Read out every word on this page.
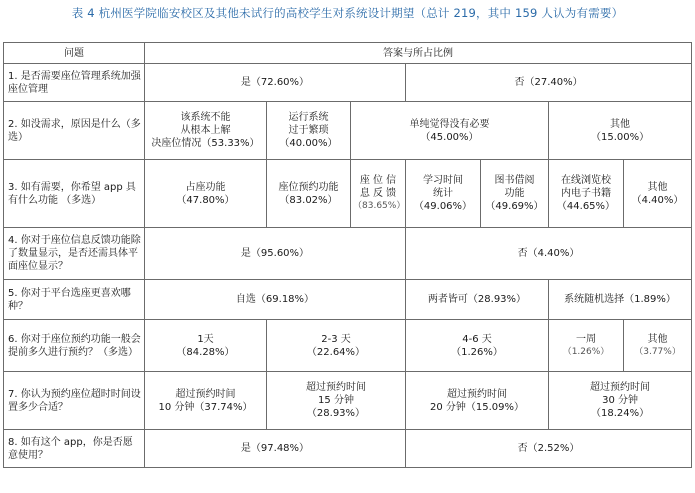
表 4 杭州医学院临安校区及其他未试行的高校学生对系统设计期望（总计 219，其中 159 人认为有需要）
问题	答案与所占比例						
1. 是否需要座位管理系统加强座位管理	是（72.60%）			否（27.40%）			
2. 如没需求，原因是什么（多选）	该系统不能
从根本上解
决座位情况（53.33%）	运行系统
过于繁琐
（40.00%）	单纯觉得没有必要
（45.00%）			其他
（15.00%）	

3. 如有需要，你希望 app 具有什么功能 （多选）	占座功能
（47.80%）	座位预约功能
（83.02%）	座 位 信
息 反 馈
（83.65%）	学习时间
统计
（49.06%）	图书借阅
功能
（49.69%）	在线浏览校
内电子书籍
（44.65%）	其他
（4.40%）

4. 你对于座位信息反馈功能除了数量显示，是否还需具体平面座位显示？	是（95.60%）			否（4.40%）			
5. 你对于平台选座更喜欢哪种？	自选（69.18%）			两者皆可（28.93%）		系统随机选择（1.89%）	
6. 你对于座位预约功能一般会提前多久进行预约？（多选）	1天
（84.28%）	2-3 天
（22.64%）		4-6 天
（1.26%）		一周
（1.26%）	其他
（3.77%）

7. 你认为预约座位超时时间设置多少合适？	超过预约时间
10 分钟（37.74%）	超过预约时间
15 分钟
（28.93%）		超过预约时间
20 分钟（15.09%）		超过预约时间
30 分钟
（18.24%）	

8. 如有这个 app，你是否愿意使用？	是（97.48%）			否（2.52%）			
